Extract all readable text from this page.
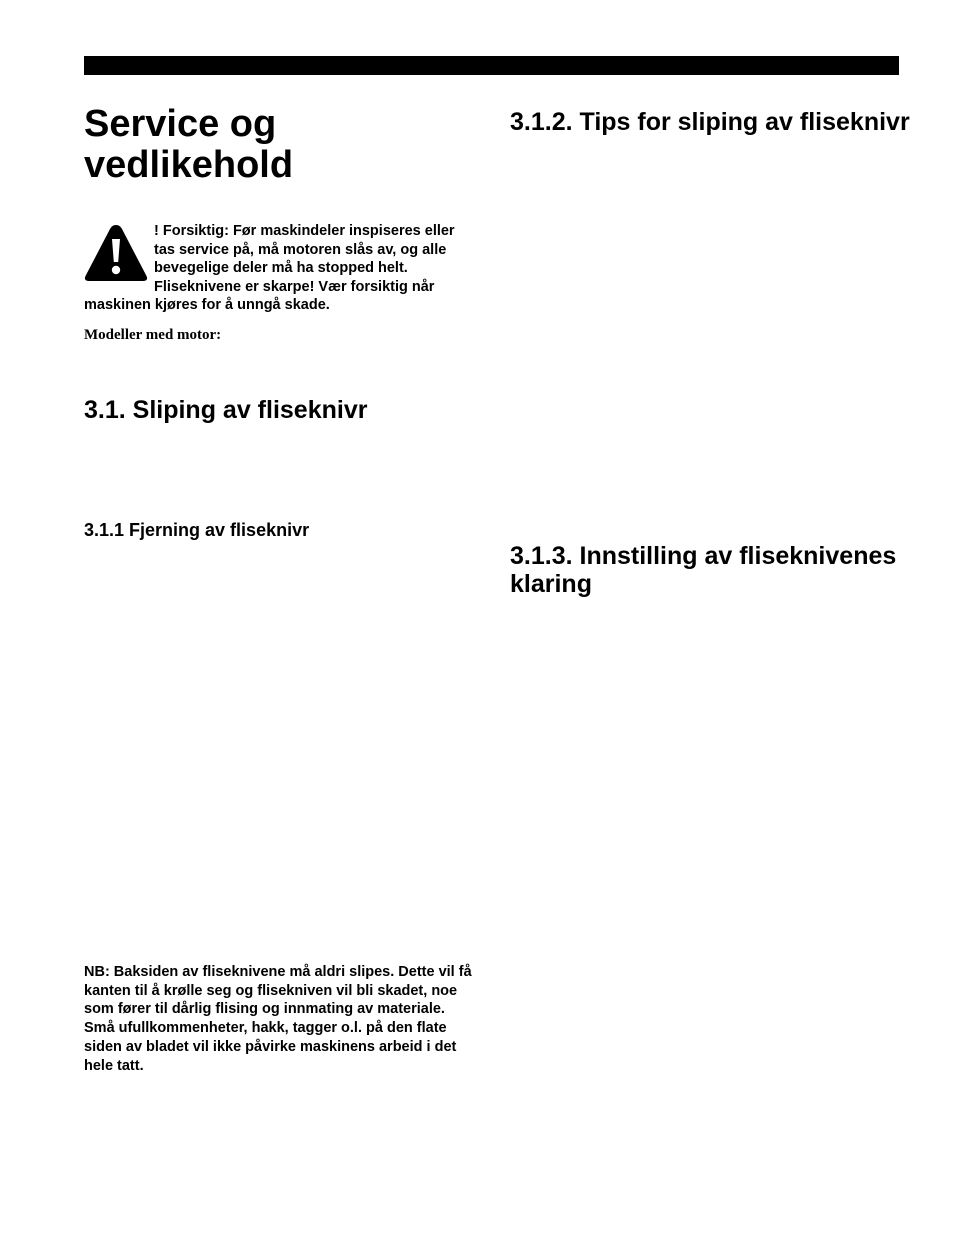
Service og
vedlikehold

! Forsiktig: Før maskindeler inspiseres eller tas service på, må motoren slås av, og alle bevegelige deler må ha stopped helt. Fliseknivene er skarpe! Vær forsiktig når maskinen kjøres for å unngå skade.

Modeller med motor:

3.1. Sliping av fliseknivr
3.1.1 Fjerning av fliseknivr
3.1.2. Tips for sliping av fliseknivr
3.1.3. Innstilling av fliseknivenes klaring

NB: Baksiden av fliseknivene må aldri slipes. Dette vil få kanten til å krølle seg og flisekniven vil bli skadet, noe som fører til dårlig flising og innmating av materiale. Små ufullkommenheter, hakk, tagger o.l. på den flate siden av bladet vil ikke påvirke maskinens arbeid i det hele tatt.
